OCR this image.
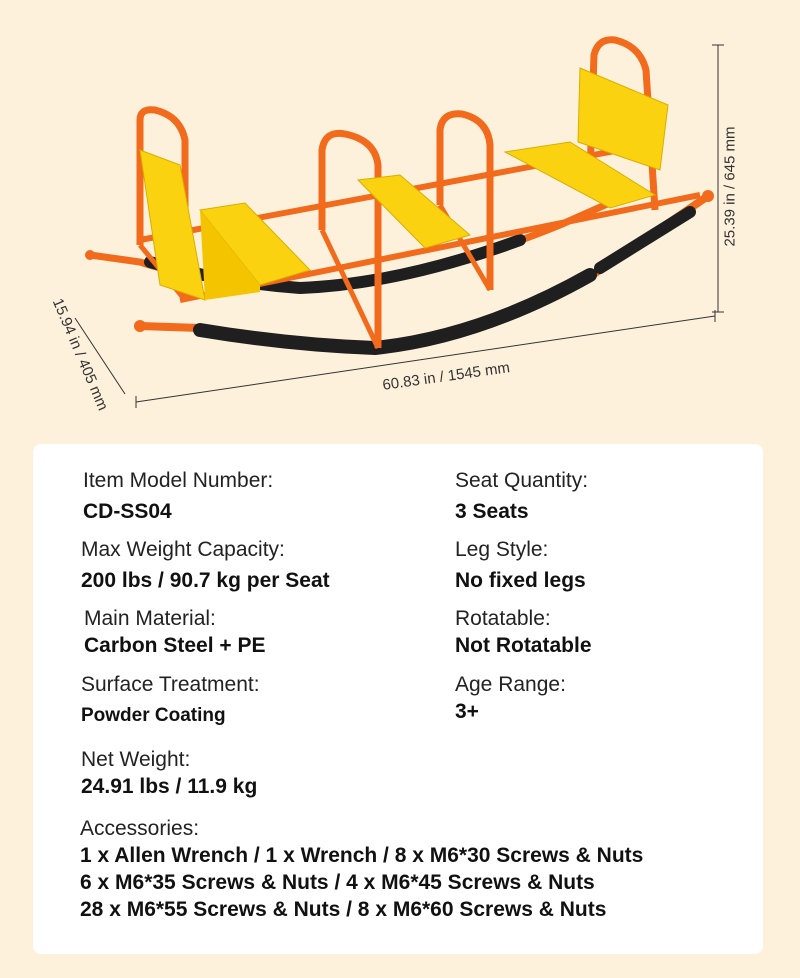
15.94 in / 405 mm	60.83 in / 1545 mm
25.39 in / 645 mm
Item Model Number:
CD-SS04
Seat Quantity:
3 Seats
Max Weight Capacity:
200 lbs / 90.7 kg per Seat
Leg Style:
No fixed legs
Main Material:
Carbon Steel + PE
Rotatable:
Not Rotatable
Surface Treatment:
Powder Coating
Age Range:
3+
Net Weight:
24.91 lbs / 11.9 kg
Accessories:
1 x Allen Wrench / 1 x Wrench / 8 x M6*30 Screws & Nuts
6 x M6*35 Screws & Nuts / 4 x M6*45 Screws & Nuts
28 x M6*55 Screws & Nuts / 8 x M6*60 Screws & Nuts
